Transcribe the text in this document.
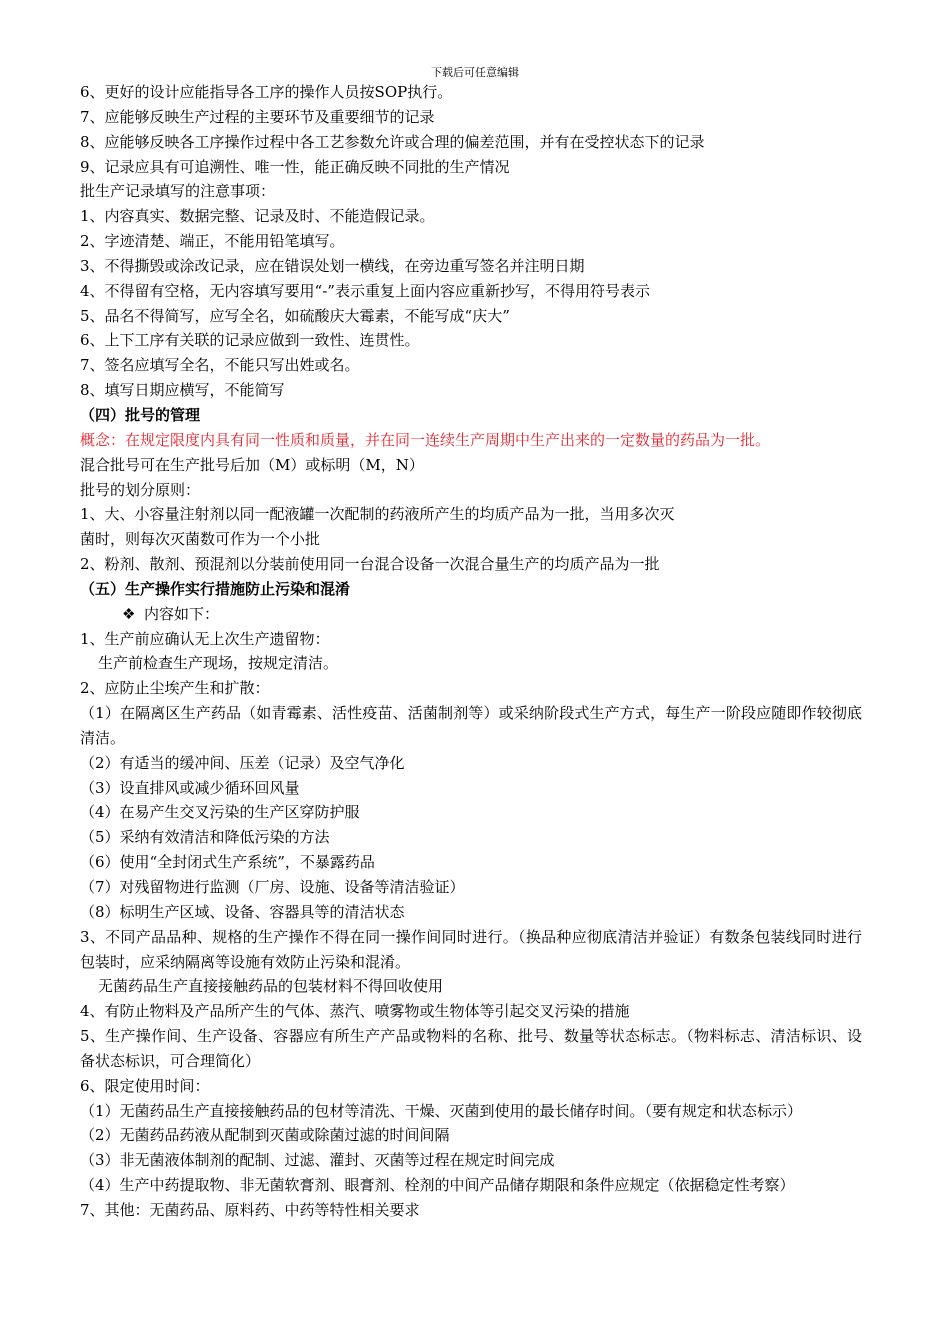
下载后可任意编辑
6、更好的设计应能指导各工序的操作人员按SOP执行。
7、应能够反映生产过程的主要环节及重要细节的记录
8、应能够反映各工序操作过程中各工艺参数允许或合理的偏差范围，并有在受控状态下的记录
9、记录应具有可追溯性、唯一性，能正确反映不同批的生产情况
批生产记录填写的注意事项：
1、内容真实、数据完整、记录及时、不能造假记录。
2、字迹清楚、端正，不能用铅笔填写。
3、不得撕毁或涂改记录，应在错误处划一横线，在旁边重写签名并注明日期
4、不得留有空格，无内容填写要用“-”表示重复上面内容应重新抄写，不得用符号表示
5、品名不得简写，应写全名，如硫酸庆大霉素，不能写成“庆大”
6、上下工序有关联的记录应做到一致性、连贯性。
7、签名应填写全名，不能只写出姓或名。
8、填写日期应横写，不能简写
（四）批号的管理
概念：在规定限度内具有同一性质和质量，并在同一连续生产周期中生产出来的一定数量的药品为一批。
混合批号可在生产批号后加（M）或标明（M，N）
批号的划分原则：
1、大、小容量注射剂以同一配液罐一次配制的药液所产生的均质产品为一批，当用多次灭
菌时，则每次灭菌数可作为一个小批
2、粉剂、散剂、预混剂以分装前使用同一台混合设备一次混合量生产的均质产品为一批
（五）生产操作实行措施防止污染和混淆
❖ 内容如下：
1、生产前应确认无上次生产遗留物：
生产前检查生产现场，按规定清洁。
2、应防止尘埃产生和扩散：
（1）在隔离区生产药品（如青霉素、活性疫苗、活菌制剂等）或采纳阶段式生产方式，每生产一阶段应随即作较彻底清洁。
（2）有适当的缓冲间、压差（记录）及空气净化
（3）设直排风或减少循环回风量
（4）在易产生交叉污染的生产区穿防护服
（5）采纳有效清洁和降低污染的方法
（6）使用“全封闭式生产系统”，不暴露药品
（7）对残留物进行监测（厂房、设施、设备等清洁验证）
（8）标明生产区域、设备、容器具等的清洁状态
3、不同产品品种、规格的生产操作不得在同一操作间同时进行。（换品种应彻底清洁并验证）有数条包装线同时进行包装时，应采纳隔离等设施有效防止污染和混淆。
无菌药品生产直接接触药品的包装材料不得回收使用
4、有防止物料及产品所产生的气体、蒸汽、喷雾物或生物体等引起交叉污染的措施
5、生产操作间、生产设备、容器应有所生产产品或物料的名称、批号、数量等状态标志。（物料标志、清洁标识、设备状态标识，可合理简化）
6、限定使用时间：
（1）无菌药品生产直接接触药品的包材等清洗、干燥、灭菌到使用的最长储存时间。（要有规定和状态标示）
（2）无菌药品药液从配制到灭菌或除菌过滤的时间间隔
（3）非无菌液体制剂的配制、过滤、灌封、灭菌等过程在规定时间完成
（4）生产中药提取物、非无菌软膏剂、眼膏剂、栓剂的中间产品储存期限和条件应规定（依据稳定性考察）
7、其他：无菌药品、原料药、中药等特性相关要求
